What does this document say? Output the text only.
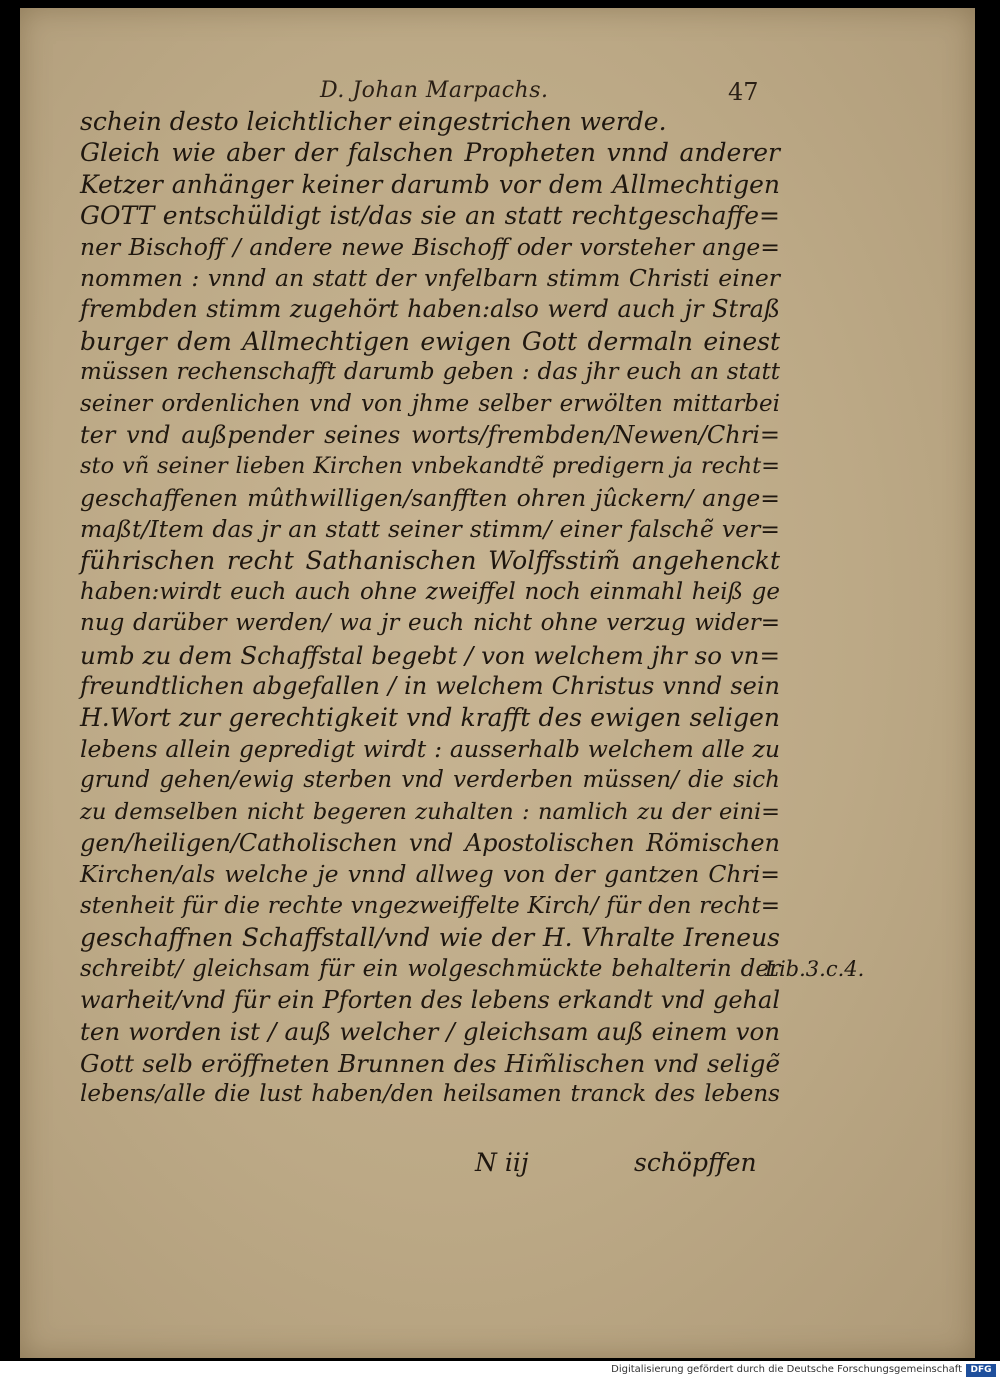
D. Johan Marpachs.	47
schein desto leichtlicher eingestrichen werde.
Gleich wie aber der falschen Propheten vnnd anderer
Ketzer anhänger keiner darumb vor dem Allmechtigen
GOTT entschüldigt ist/das sie an statt rechtgeschaffe=
ner Bischoff / andere newe Bischoff oder vorsteher ange=
nommen : vnnd an statt der vnfelbarn stimm Christi einer
frembden stimm zugehört haben:also werd auch jr Straß
burger dem Allmechtigen ewigen Gott dermaln einest
müssen rechenschafft darumb geben : das jhr euch an statt
seiner ordenlichen vnd von jhme selber erwölten mittarbei
ter vnd außpender seines worts/frembden/Newen/Chri=
sto vñ seiner lieben Kirchen vnbekandtẽ predigern ja recht=
geschaffenen mûthwilligen/sanfften ohren jûckern/ ange=
maßt/Item das jr an statt seiner stimm/ einer falschẽ ver=
führischen recht Sathanischen Wolffsstim̃ angehenckt
haben:wirdt euch auch ohne zweiffel noch einmahl heiß ge
nug darüber werden/ wa jr euch nicht ohne verzug wider=
umb zu dem Schaffstal begebt / von welchem jhr so vn=
freundtlichen abgefallen / in welchem Christus vnnd sein
H.Wort zur gerechtigkeit vnd krafft des ewigen seligen
lebens allein gepredigt wirdt : ausserhalb welchem alle zu
grund gehen/ewig sterben vnd verderben müssen/ die sich
zu demselben nicht begeren zuhalten : namlich zu der eini=
gen/heiligen/Catholischen vnd Apostolischen Römischen
Kirchen/als welche je vnnd allweg von der gantzen Chri=
stenheit für die rechte vngezweiffelte Kirch/ für den recht=
geschaffnen Schaffstall/vnd wie der H. Vhralte Ireneus
schreibt/ gleichsam für ein wolgeschmückte behalterin der
warheit/vnd für ein Pforten des lebens erkandt vnd gehal
ten worden ist / auß welcher / gleichsam auß einem von
Gott selb eröffneten Brunnen des Him̃lischen vnd seligẽ
lebens/alle die lust haben/den heilsamen tranck des lebens
Lib.3.c.4.
N iij	schöpffen
Digitalisierung gefördert durch die Deutsche Forschungsgemeinschaft DFG
